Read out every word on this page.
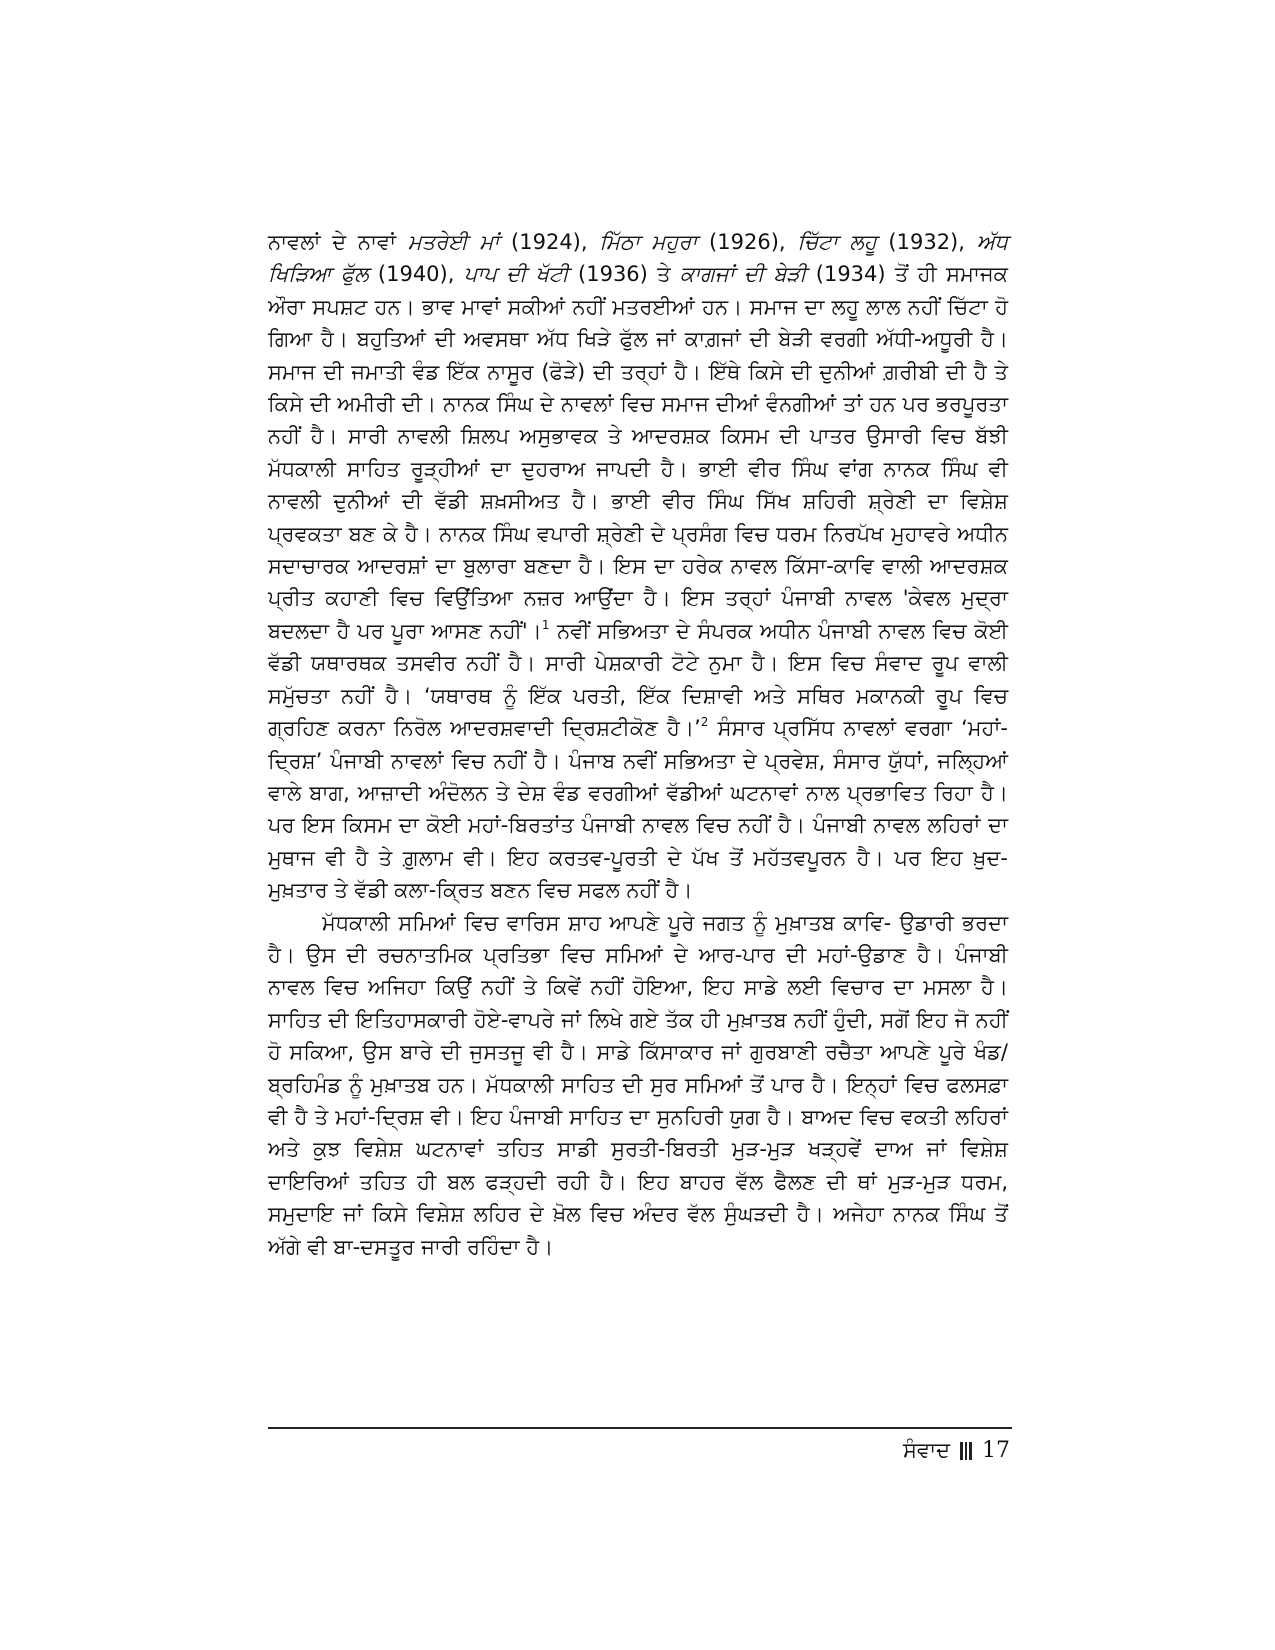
ਨਾਵਲਾਂ ਦੇ ਨਾਵਾਂ ਮਤਰੇਈ ਮਾਂ (1924), ਮਿੱਠਾ ਮਹੁਰਾ (1926), ਚਿੱਟਾ ਲਹੂ (1932), ਅੱਧ ਖਿੜਿਆ ਫੁੱਲ (1940), ਪਾਪ ਦੀ ਖੱਟੀ (1936) ਤੇ ਕਾਗਜਾਂ ਦੀ ਬੇੜੀ (1934) ਤੋਂ ਹੀ ਸਮਾਜਕ ਔਰਾ ਸਪਸ਼ਟ ਹਨ। ਭਾਵ ਮਾਵਾਂ ਸਕੀਆਂ ਨਹੀਂ ਮਤਰਈਆਂ ਹਨ। ਸਮਾਜ ਦਾ ਲਹੂ ਲਾਲ ਨਹੀਂ ਚਿੱਟਾ ਹੋ ਗਿਆ ਹੈ। ਬਹੁਤਿਆਂ ਦੀ ਅਵਸਥਾ ਅੱਧ ਖਿੜੇ ਫੁੱਲ ਜਾਂ ਕਾਗ਼ਜਾਂ ਦੀ ਬੇੜੀ ਵਰਗੀ ਅੱਧੀ-ਅਧੂਰੀ ਹੈ। ਸਮਾਜ ਦੀ ਜਮਾਤੀ ਵੰਡ ਇੱਕ ਨਾਸੂਰ (ਫੋੜੇ) ਦੀ ਤਰ੍ਹਾਂ ਹੈ। ਇੱਥੇ ਕਿਸੇ ਦੀ ਦੁਨੀਆਂ ਗ਼ਰੀਬੀ ਦੀ ਹੈ ਤੇ ਕਿਸੇ ਦੀ ਅਮੀਰੀ ਦੀ। ਨਾਨਕ ਸਿੰਘ ਦੇ ਨਾਵਲਾਂ ਵਿਚ ਸਮਾਜ ਦੀਆਂ ਵੰਨਗੀਆਂ ਤਾਂ ਹਨ ਪਰ ਭਰਪੂਰਤਾ ਨਹੀਂ ਹੈ। ਸਾਰੀ ਨਾਵਲੀ ਸ਼ਿਲਪ ਅਸੁਭਾਵਕ ਤੇ ਆਦਰਸ਼ਕ ਕਿਸਮ ਦੀ ਪਾਤਰ ਉਸਾਰੀ ਵਿਚ ਬੱਝੀ ਮੱਧਕਾਲੀ ਸਾਹਿਤ ਰੂੜ੍ਹੀਆਂ ਦਾ ਦੁਹਰਾਅ ਜਾਪਦੀ ਹੈ। ਭਾਈ ਵੀਰ ਸਿੰਘ ਵਾਂਗ ਨਾਨਕ ਸਿੰਘ ਵੀ ਨਾਵਲੀ ਦੁਨੀਆਂ ਦੀ ਵੱਡੀ ਸ਼ਖ਼ਸੀਅਤ ਹੈ। ਭਾਈ ਵੀਰ ਸਿੰਘ ਸਿੱਖ ਸ਼ਹਿਰੀ ਸ਼੍ਰੇਣੀ ਦਾ ਵਿਸ਼ੇਸ਼ ਪ੍ਰਵਕਤਾ ਬਣ ਕੇ ਹੈ। ਨਾਨਕ ਸਿੰਘ ਵਪਾਰੀ ਸ਼੍ਰੇਣੀ ਦੇ ਪ੍ਰਸੰਗ ਵਿਚ ਧਰਮ ਨਿਰਪੱਖ ਮੁਹਾਵਰੇ ਅਧੀਨ ਸਦਾਚਾਰਕ ਆਦਰਸ਼ਾਂ ਦਾ ਬੁਲਾਰਾ ਬਣਦਾ ਹੈ। ਇਸ ਦਾ ਹਰੇਕ ਨਾਵਲ ਕਿੱਸਾ-ਕਾਵਿ ਵਾਲੀ ਆਦਰਸ਼ਕ ਪ੍ਰੀਤ ਕਹਾਣੀ ਵਿਚ ਵਿਉਂਤਿਆ ਨਜ਼ਰ ਆਉਂਦਾ ਹੈ। ਇਸ ਤਰ੍ਹਾਂ ਪੰਜਾਬੀ ਨਾਵਲ 'ਕੇਵਲ ਮੁਦ੍ਰਾ ਬਦਲਦਾ ਹੈ ਪਰ ਪੂਰਾ ਆਸਣ ਨਹੀਂ'।$^1$ ਨਵੀਂ ਸਭਿਅਤਾ ਦੇ ਸੰਪਰਕ ਅਧੀਨ ਪੰਜਾਬੀ ਨਾਵਲ ਵਿਚ ਕੋਈ ਵੱਡੀ ਯਥਾਰਥਕ ਤਸਵੀਰ ਨਹੀਂ ਹੈ। ਸਾਰੀ ਪੇਸ਼ਕਾਰੀ ਟੋਟੇ ਨੁਮਾ ਹੈ। ਇਸ ਵਿਚ ਸੰਵਾਦ ਰੂਪ ਵਾਲੀ ਸਮੁੱਚਤਾ ਨਹੀਂ ਹੈ। ‘ਯਥਾਰਥ ਨੂੰ ਇੱਕ ਪਰਤੀ, ਇੱਕ ਦਿਸ਼ਾਵੀ ਅਤੇ ਸਥਿਰ ਮਕਾਨਕੀ ਰੂਪ ਵਿਚ ਗ੍ਰਹਿਣ ਕਰਨਾ ਨਿਰੋਲ ਆਦਰਸ਼ਵਾਦੀ ਦ੍ਰਿਸ਼ਟੀਕੋਣ ਹੈ।’$^2$ ਸੰਸਾਰ ਪ੍ਰਸਿੱਧ ਨਾਵਲਾਂ ਵਰਗਾ ‘ਮਹਾਂ-ਦ੍ਰਿਸ਼’ ਪੰਜਾਬੀ ਨਾਵਲਾਂ ਵਿਚ ਨਹੀਂ ਹੈ। ਪੰਜਾਬ ਨਵੀਂ ਸਭਿਅਤਾ ਦੇ ਪ੍ਰਵੇਸ਼, ਸੰਸਾਰ ਯੁੱਧਾਂ, ਜਲ੍ਹਿਆਂ ਵਾਲੇ ਬਾਗ, ਆਜ਼ਾਦੀ ਅੰਦੋਲਨ ਤੇ ਦੇਸ਼ ਵੰਡ ਵਰਗੀਆਂ ਵੱਡੀਆਂ ਘਟਨਾਵਾਂ ਨਾਲ ਪ੍ਰਭਾਵਿਤ ਰਿਹਾ ਹੈ। ਪਰ ਇਸ ਕਿਸਮ ਦਾ ਕੋਈ ਮਹਾਂ-ਬਿਰਤਾਂਤ ਪੰਜਾਬੀ ਨਾਵਲ ਵਿਚ ਨਹੀਂ ਹੈ। ਪੰਜਾਬੀ ਨਾਵਲ ਲਹਿਰਾਂ ਦਾ ਮੁਥਾਜ ਵੀ ਹੈ ਤੇ ਗ਼ੁਲਾਮ ਵੀ। ਇਹ ਕਰਤਵ-ਪੂਰਤੀ ਦੇ ਪੱਖ ਤੋਂ ਮਹੱਤਵਪੂਰਨ ਹੈ। ਪਰ ਇਹ ਖ਼ੁਦ-ਮੁਖ਼ਤਾਰ ਤੇ ਵੱਡੀ ਕਲਾ-ਕ੍ਰਿਤ ਬਣਨ ਵਿਚ ਸਫਲ ਨਹੀਂ ਹੈ।

ਮੱਧਕਾਲੀ ਸਮਿਆਂ ਵਿਚ ਵਾਰਿਸ ਸ਼ਾਹ ਆਪਣੇ ਪੂਰੇ ਜਗਤ ਨੂੰ ਮੁਖ਼ਾਤਬ ਕਾਵਿ- ਉਡਾਰੀ ਭਰਦਾ ਹੈ। ਉਸ ਦੀ ਰਚਨਾਤਮਿਕ ਪ੍ਰਤਿਭਾ ਵਿਚ ਸਮਿਆਂ ਦੇ ਆਰ-ਪਾਰ ਦੀ ਮਹਾਂ-ਉਡਾਣ ਹੈ। ਪੰਜਾਬੀ ਨਾਵਲ ਵਿਚ ਅਜਿਹਾ ਕਿਉਂ ਨਹੀਂ ਤੇ ਕਿਵੇਂ ਨਹੀਂ ਹੋਇਆ, ਇਹ ਸਾਡੇ ਲਈ ਵਿਚਾਰ ਦਾ ਮਸਲਾ ਹੈ। ਸਾਹਿਤ ਦੀ ਇਤਿਹਾਸਕਾਰੀ ਹੋਏ-ਵਾਪਰੇ ਜਾਂ ਲਿਖੇ ਗਏ ਤੱਕ ਹੀ ਮੁਖ਼ਾਤਬ ਨਹੀਂ ਹੁੰਦੀ, ਸਗੋਂ ਇਹ ਜੋ ਨਹੀਂ ਹੋ ਸਕਿਆ, ਉਸ ਬਾਰੇ ਦੀ ਜੁਸਤਜੂ ਵੀ ਹੈ। ਸਾਡੇ ਕਿੱਸਾਕਾਰ ਜਾਂ ਗੁਰਬਾਣੀ ਰਚੈਤਾ ਆਪਣੇ ਪੂਰੇ ਖੰਡ/ਬ੍ਰਹਿਮੰਡ ਨੂੰ ਮੁਖ਼ਾਤਬ ਹਨ। ਮੱਧਕਾਲੀ ਸਾਹਿਤ ਦੀ ਸੁਰ ਸਮਿਆਂ ਤੋਂ ਪਾਰ ਹੈ। ਇਨ੍ਹਾਂ ਵਿਚ ਫਲਸਫ਼ਾ ਵੀ ਹੈ ਤੇ ਮਹਾਂ-ਦ੍ਰਿਸ਼ ਵੀ। ਇਹ ਪੰਜਾਬੀ ਸਾਹਿਤ ਦਾ ਸੁਨਹਿਰੀ ਯੁਗ ਹੈ। ਬਾਅਦ ਵਿਚ ਵਕਤੀ ਲਹਿਰਾਂ ਅਤੇ ਕੁਝ ਵਿਸ਼ੇਸ਼ ਘਟਨਾਵਾਂ ਤਹਿਤ ਸਾਡੀ ਸੁਰਤੀ-ਬਿਰਤੀ ਮੁੜ-ਮੁੜ ਖੜ੍ਹਵੇਂ ਦਾਅ ਜਾਂ ਵਿਸ਼ੇਸ਼ ਦਾਇਰਿਆਂ ਤਹਿਤ ਹੀ ਬਲ ਫੜ੍ਹਦੀ ਰਹੀ ਹੈ। ਇਹ ਬਾਹਰ ਵੱਲ ਫੈਲਣ ਦੀ ਥਾਂ ਮੁੜ-ਮੁੜ ਧਰਮ, ਸਮੁਦਾਇ ਜਾਂ ਕਿਸੇ ਵਿਸ਼ੇਸ਼ ਲਹਿਰ ਦੇ ਖ਼ੋਲ ਵਿਚ ਅੰਦਰ ਵੱਲ ਸੁੰਘੜਦੀ ਹੈ। ਅਜੇਹਾ ਨਾਨਕ ਸਿੰਘ ਤੋਂ ਅੱਗੇ ਵੀ ਬਾ-ਦਸਤੂਰ ਜਾਰੀ ਰਹਿੰਦਾ ਹੈ।

ਸੰਵਾਦ 17
